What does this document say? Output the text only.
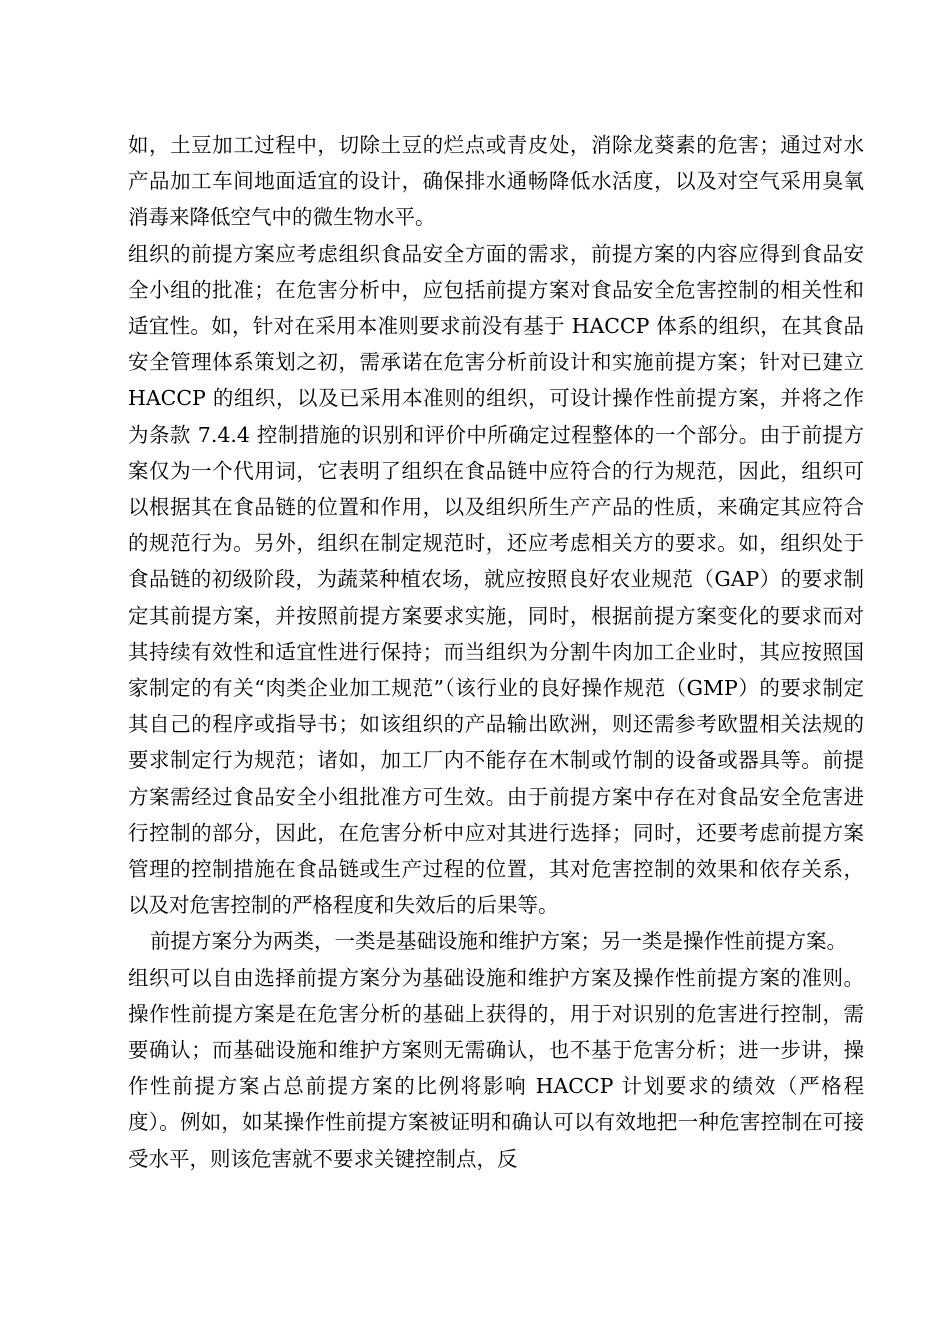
如，土豆加工过程中，切除土豆的烂点或青皮处，消除龙葵素的危害；通过对水产品加工车间地面适宜的设计，确保排水通畅降低水活度，以及对空气采用臭氧消毒来降低空气中的微生物水平。

组织的前提方案应考虑组织食品安全方面的需求，前提方案的内容应得到食品安全小组的批准；在危害分析中，应包括前提方案对食品安全危害控制的相关性和适宜性。如，针对在采用本准则要求前没有基于 HACCP 体系的组织，在其食品安全管理体系策划之初，需承诺在危害分析前设计和实施前提方案；针对已建立 HACCP 的组织，以及已采用本准则的组织，可设计操作性前提方案，并将之作为条款 7.4.4 控制措施的识别和评价中所确定过程整体的一个部分。由于前提方案仅为一个代用词，它表明了组织在食品链中应符合的行为规范，因此，组织可以根据其在食品链的位置和作用，以及组织所生产产品的性质，来确定其应符合的规范行为。另外，组织在制定规范时，还应考虑相关方的要求。如，组织处于食品链的初级阶段，为蔬菜种植农场，就应按照良好农业规范（GAP）的要求制定其前提方案，并按照前提方案要求实施，同时，根据前提方案变化的要求而对其持续有效性和适宜性进行保持；而当组织为分割牛肉加工企业时，其应按照国家制定的有关“肉类企业加工规范”（该行业的良好操作规范（GMP）的要求制定其自己的程序或指导书；如该组织的产品输出欧洲，则还需参考欧盟相关法规的要求制定行为规范；诸如，加工厂内不能存在木制或竹制的设备或器具等。前提方案需经过食品安全小组批准方可生效。由于前提方案中存在对食品安全危害进行控制的部分，因此，在危害分析中应对其进行选择；同时，还要考虑前提方案管理的控制措施在食品链或生产过程的位置，其对危害控制的效果和依存关系，以及对危害控制的严格程度和失效后的后果等。

前提方案分为两类，一类是基础设施和维护方案；另一类是操作性前提方案。

组织可以自由选择前提方案分为基础设施和维护方案及操作性前提方案的准则。操作性前提方案是在危害分析的基础上获得的，用于对识别的危害进行控制，需要确认；而基础设施和维护方案则无需确认，也不基于危害分析；进一步讲，操作性前提方案占总前提方案的比例将影响 HACCP 计划要求的绩效（严格程度）。例如，如某操作性前提方案被证明和确认可以有效地把一种危害控制在可接受水平，则该危害就不要求关键控制点，反
